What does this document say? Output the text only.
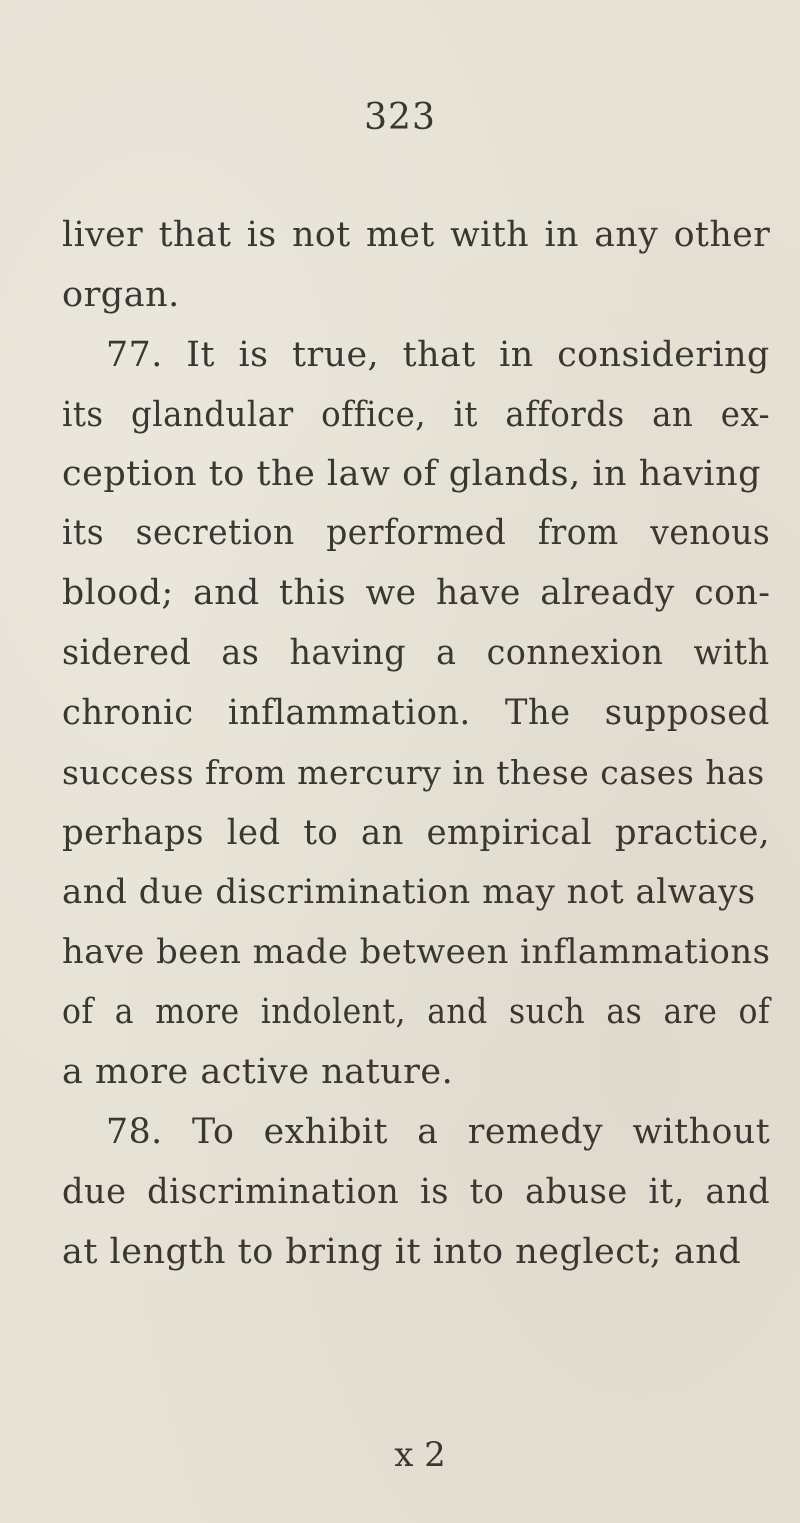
323
liver that is not met with in any other
organ.
77. It is true, that in considering
its glandular office, it affords an ex-
ception to the law of glands, in having
its secretion performed from venous
blood; and this we have already con-
sidered as having a connexion with
chronic inflammation. The supposed
success from mercury in these cases has
perhaps led to an empirical practice,
and due discrimination may not always
have been made between inflammations
of a more indolent, and such as are of
a more active nature.
78. To exhibit a remedy without
due discrimination is to abuse it, and
at length to bring it into neglect; and
x 2
